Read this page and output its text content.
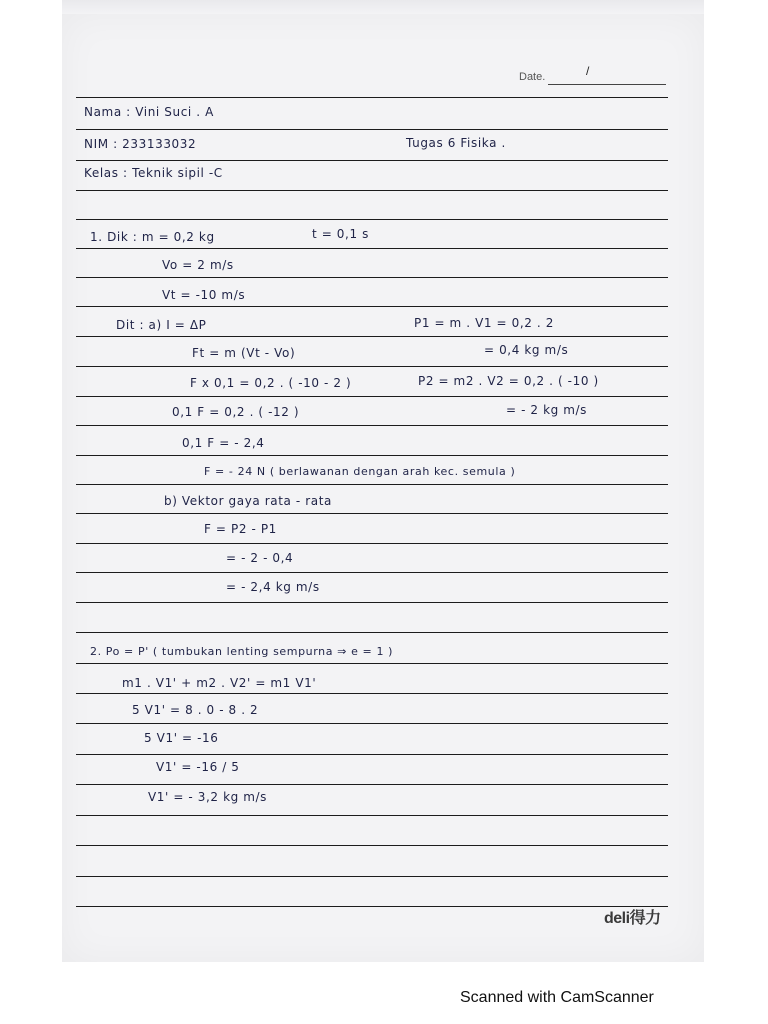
Date.	/
Nama : Vini Suci . A
NIM : 233133032	Tugas 6 Fisika .
Kelas : Teknik sipil -C
1. Dik : m = 0,2 kg	t = 0,1 s
Vo = 2 m/s
Vt = -10 m/s
Dit : a) I = ΔP	P1 = m . V1 = 0,2 . 2
Ft = m (Vt - Vo)	= 0,4 kg m/s
F x 0,1 = 0,2 . ( -10 - 2 )	P2 = m2 . V2 = 0,2 . ( -10 )
0,1 F = 0,2 . ( -12 )	= - 2 kg m/s
0,1 F = - 2,4
F = - 24 N ( berlawanan dengan arah kec. semula )
b) Vektor gaya rata - rata
F = P2 - P1
= - 2 - 0,4
= - 2,4 kg m/s
2. Po = P' ( tumbukan lenting sempurna ⇒ e = 1 )
m1 . V1' + m2 . V2' = m1 V1'
5 V1' = 8 . 0 - 8 . 2
5 V1' = -16
V1' = -16 / 5
V1' = - 3,2 kg m/s
deli得力
Scanned with CamScanner
